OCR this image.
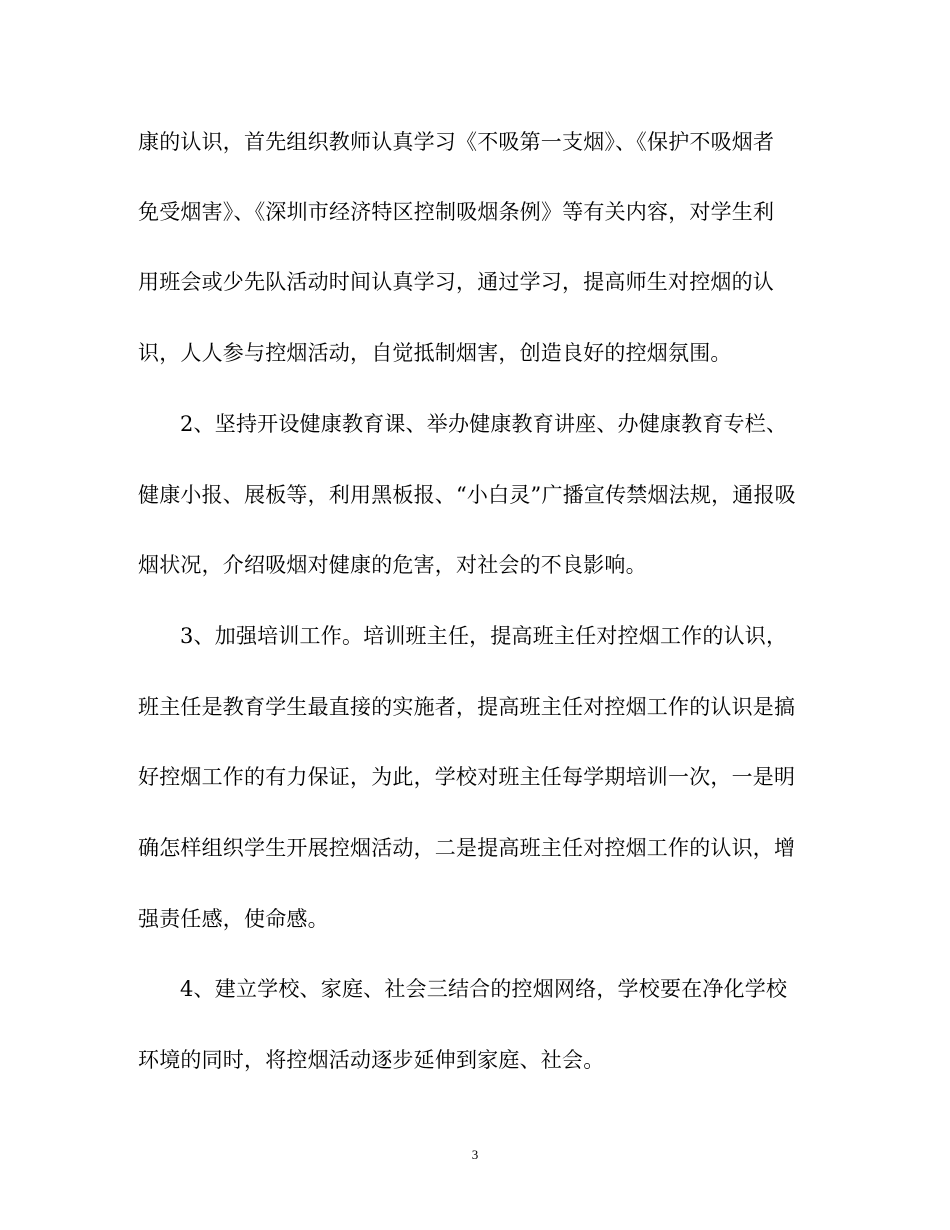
康的认识，首先组织教师认真学习《不吸第一支烟》、《保护不吸烟者
免受烟害》、《深圳市经济特区控制吸烟条例》等有关内容，对学生利
用班会或少先队活动时间认真学习，通过学习，提高师生对控烟的认
识，人人参与控烟活动，自觉抵制烟害，创造良好的控烟氛围。
2、坚持开设健康教育课、举办健康教育讲座、办健康教育专栏、
健康小报、展板等，利用黑板报、“小白灵”广播宣传禁烟法规，通报吸
烟状况，介绍吸烟对健康的危害，对社会的不良影响。
3、加强培训工作。培训班主任，提高班主任对控烟工作的认识，
班主任是教育学生最直接的实施者，提高班主任对控烟工作的认识是搞
好控烟工作的有力保证，为此，学校对班主任每学期培训一次，一是明
确怎样组织学生开展控烟活动，二是提高班主任对控烟工作的认识，增
强责任感，使命感。
4、建立学校、家庭、社会三结合的控烟网络，学校要在净化学校
环境的同时，将控烟活动逐步延伸到家庭、社会。
3
